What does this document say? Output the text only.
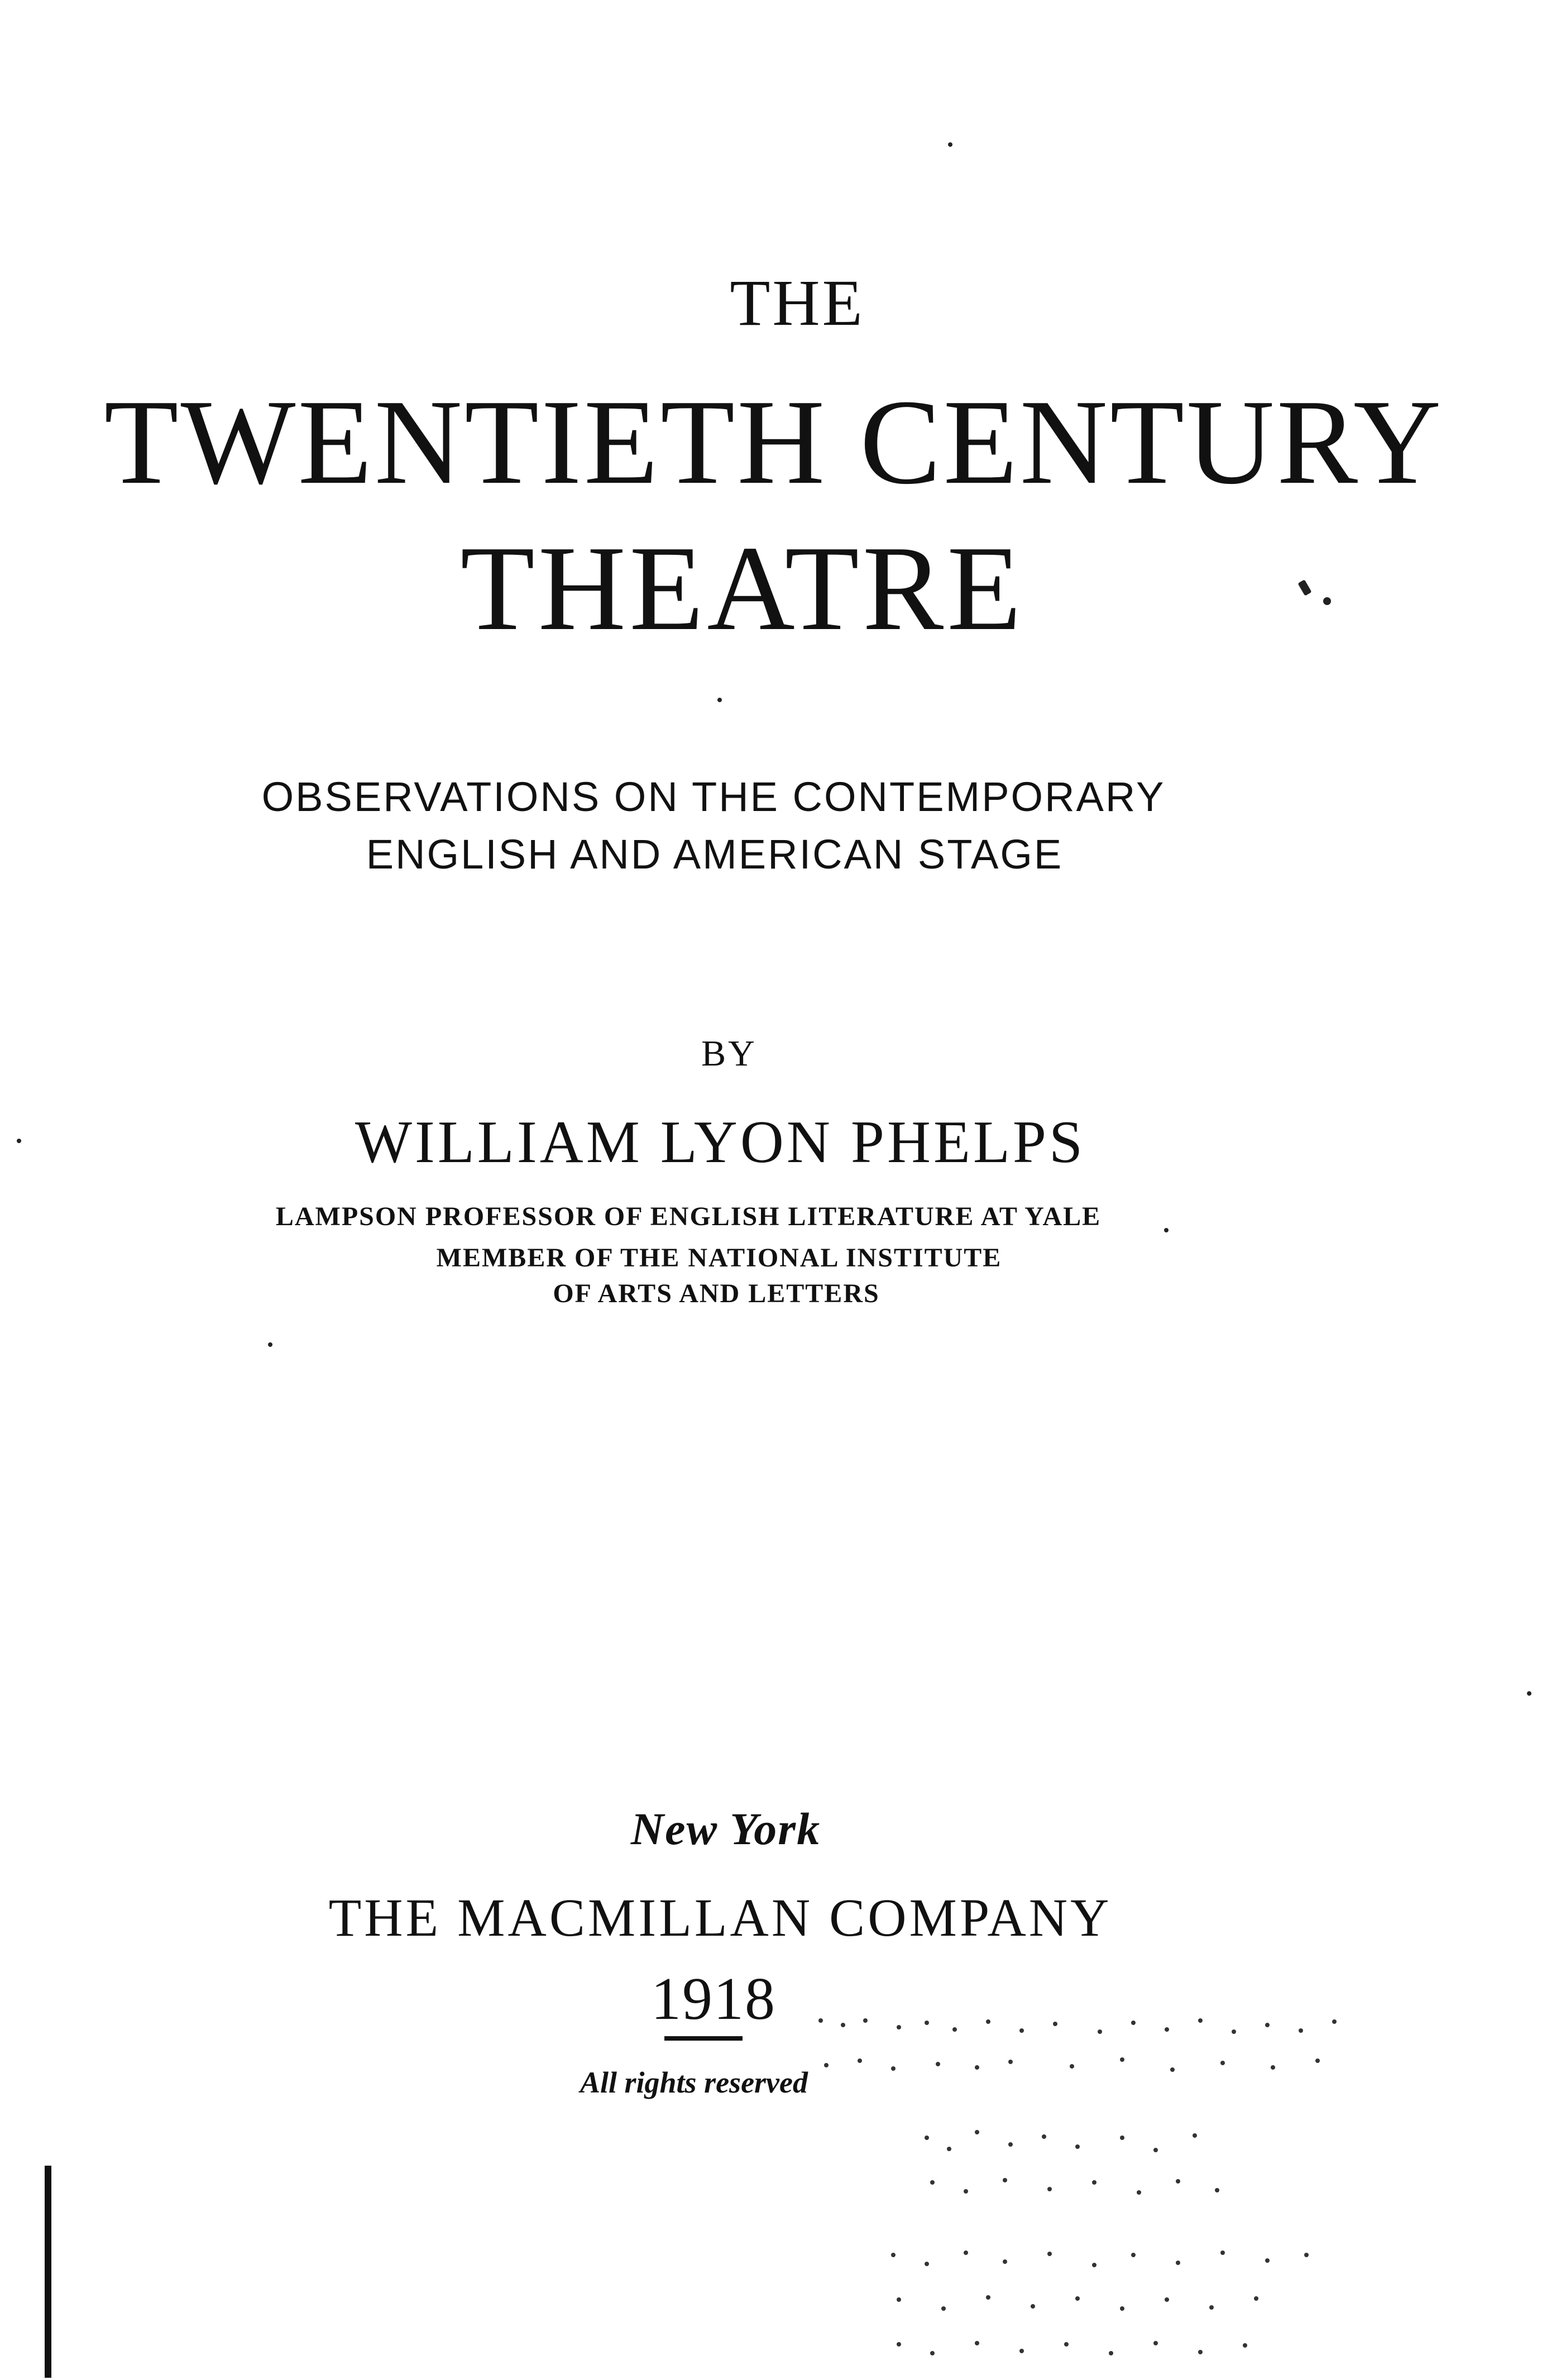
THE
TWENTIETH CENTURY
THEATRE
OBSERVATIONS ON THE CONTEMPORARY
ENGLISH AND AMERICAN STAGE
BY
WILLIAM LYON PHELPS
LAMPSON PROFESSOR OF ENGLISH LITERATURE AT YALE
MEMBER OF THE NATIONAL INSTITUTE
OF ARTS AND LETTERS
New York
THE MACMILLAN COMPANY
1918
All rights reserved
